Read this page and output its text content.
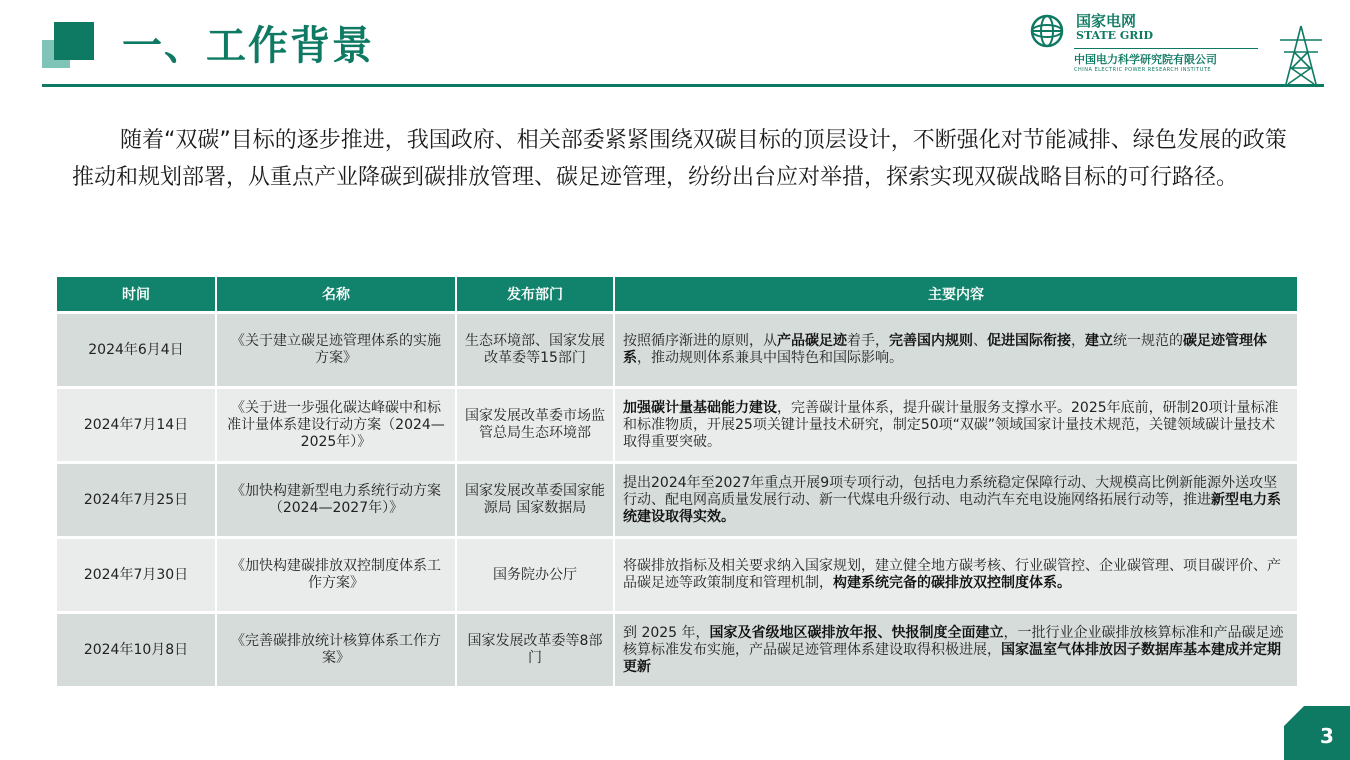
一、工作背景
国家电网
STATE GRID
中国电力科学研究院有限公司
CHINA ELECTRIC POWER RESEARCH INSTITUTE
随着“双碳”目标的逐步推进，我国政府、相关部委紧紧围绕双碳目标的顶层设计，不断强化对节能减排、绿色发展的政策推动和规划部署，从重点产业降碳到碳排放管理、碳足迹管理，纷纷出台应对举措，探索实现双碳战略目标的可行路径。
时间	名称	发布部门	主要内容
2024年6月4日	《关于建立碳足迹管理体系的实施方案》	生态环境部、国家发展改革委等15部门	按照循序渐进的原则，从产品碳足迹着手，完善国内规则、促进国际衔接，建立统一规范的碳足迹管理体系，推动规则体系兼具中国特色和国际影响。
2024年7月14日	《关于进一步强化碳达峰碳中和标准计量体系建设行动方案（2024—2025年）》	国家发展改革委市场监管总局生态环境部	加强碳计量基础能力建设，完善碳计量体系，提升碳计量服务支撑水平。2025年底前，研制20项计量标准和标准物质，开展25项关键计量技术研究，制定50项“双碳”领域国家计量技术规范，关键领域碳计量技术取得重要突破。
2024年7月25日	《加快构建新型电力系统行动方案（2024—2027年）》	国家发展改革委国家能源局 国家数据局	提出2024年至2027年重点开展9项专项行动，包括电力系统稳定保障行动、大规模高比例新能源外送攻坚行动、配电网高质量发展行动、新一代煤电升级行动、电动汽车充电设施网络拓展行动等，推进新型电力系统建设取得实效。
2024年7月30日	《加快构建碳排放双控制度体系工作方案》	国务院办公厅	将碳排放指标及相关要求纳入国家规划，建立健全地方碳考核、行业碳管控、企业碳管理、项目碳评价、产品碳足迹等政策制度和管理机制，构建系统完备的碳排放双控制度体系。
2024年10月8日	《完善碳排放统计核算体系工作方案》	国家发展改革委等8部门	到 2025 年，国家及省级地区碳排放年报、快报制度全面建立，一批行业企业碳排放核算标准和产品碳足迹核算标准发布实施，产品碳足迹管理体系建设取得积极进展，国家温室气体排放因子数据库基本建成并定期更新
3
